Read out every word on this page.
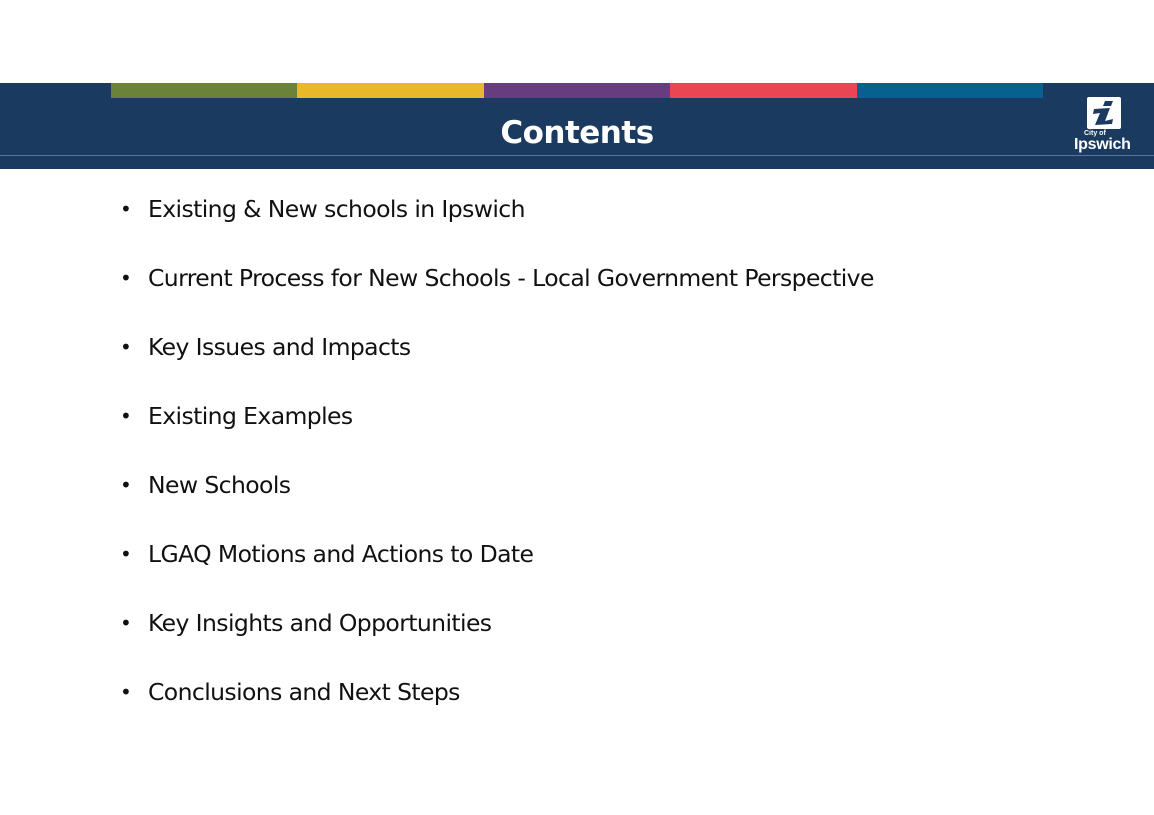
Contents	City of
Ipswich
• Existing & New schools in Ipswich
• Current Process for New Schools - Local Government Perspective
• Key Issues and Impacts
• Existing Examples
• New Schools
• LGAQ Motions and Actions to Date
• Key Insights and Opportunities
• Conclusions and Next Steps
